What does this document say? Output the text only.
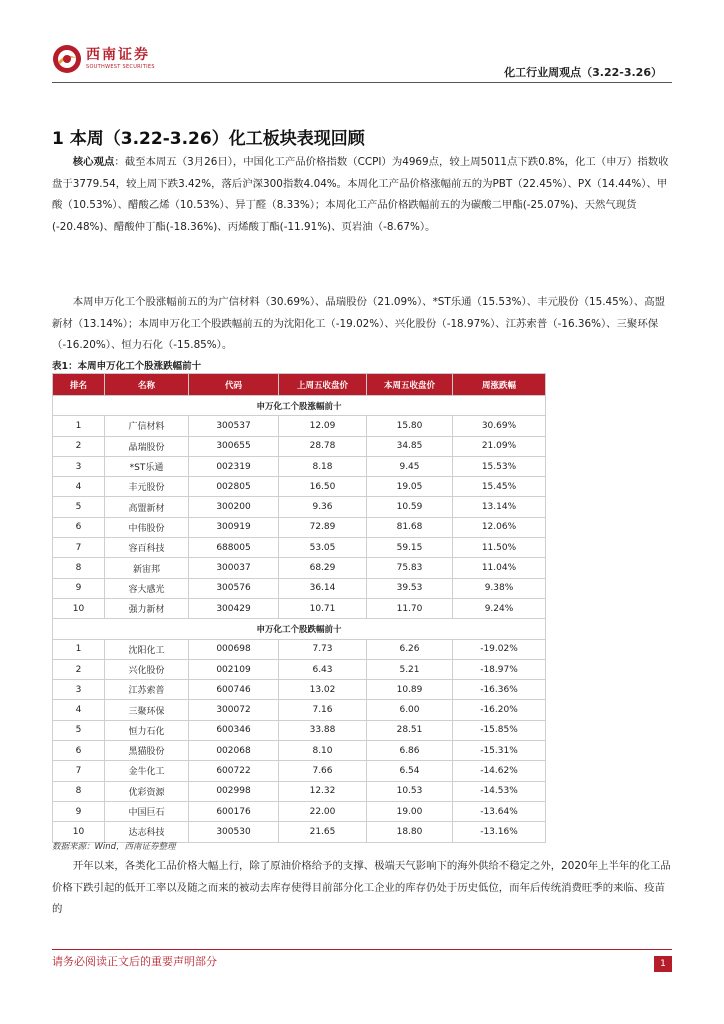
西南证券
SOUTHWEST SECURITIES	化工行业周观点（3.22-3.26）
1 本周（3.22-3.26）化工板块表现回顾
核心观点：截至本周五（3月26日），中国化工产品价格指数（CCPI）为4969点，较上周5011点下跌0.8%，化工（申万）指数收盘于3779.54，较上周下跌3.42%，落后沪深300指数4.04%。本周化工产品价格涨幅前五的为PBT（22.45%）、PX（14.44%）、甲酸（10.53%）、醋酸乙烯（10.53%）、异丁醛（8.33%）；本周化工产品价格跌幅前五的为碳酸二甲酯(-25.07%)、天然气现货(-20.48%)、醋酸仲丁酯(-18.36%)、丙烯酸丁酯(-11.91%)、页岩油（-8.67%）。
本周申万化工个股涨幅前五的为广信材料（30.69%）、晶瑞股份（21.09%）、*ST乐通（15.53%）、丰元股份（15.45%）、高盟新材（13.14%）；本周申万化工个股跌幅前五的为沈阳化工（-19.02%）、兴化股份（-18.97%）、江苏索普（-16.36%）、三聚环保（-16.20%）、恒力石化（-15.85%）。
表1：本周申万化工个股涨跌幅前十
排名	名称	代码	上周五收盘价	本周五收盘价	周涨跌幅
申万化工个股涨幅前十					
1	广信材料	300537	12.09	15.80	30.69%
2	晶瑞股份	300655	28.78	34.85	21.09%
3	*ST乐通	002319	8.18	9.45	15.53%
4	丰元股份	002805	16.50	19.05	15.45%
5	高盟新材	300200	9.36	10.59	13.14%
6	中伟股份	300919	72.89	81.68	12.06%
7	容百科技	688005	53.05	59.15	11.50%
8	新宙邦	300037	68.29	75.83	11.04%
9	容大感光	300576	36.14	39.53	9.38%
10	强力新材	300429	10.71	11.70	9.24%
申万化工个股跌幅前十					
1	沈阳化工	000698	7.73	6.26	-19.02%
2	兴化股份	002109	6.43	5.21	-18.97%
3	江苏索普	600746	13.02	10.89	-16.36%
4	三聚环保	300072	7.16	6.00	-16.20%
5	恒力石化	600346	33.88	28.51	-15.85%
6	黑猫股份	002068	8.10	6.86	-15.31%
7	金牛化工	600722	7.66	6.54	-14.62%
8	优彩资源	002998	12.32	10.53	-14.53%
9	中国巨石	600176	22.00	19.00	-13.64%
10	达志科技	300530	21.65	18.80	-13.16%
数据来源：Wind，西南证券整理
开年以来，各类化工品价格大幅上行，除了原油价格给予的支撑、极端天气影响下的海外供给不稳定之外，2020年上半年的化工品价格下跌引起的低开工率以及随之而来的被动去库存使得目前部分化工企业的库存仍处于历史低位，而年后传统消费旺季的来临、疫苗的
请务必阅读正文后的重要声明部分	1
